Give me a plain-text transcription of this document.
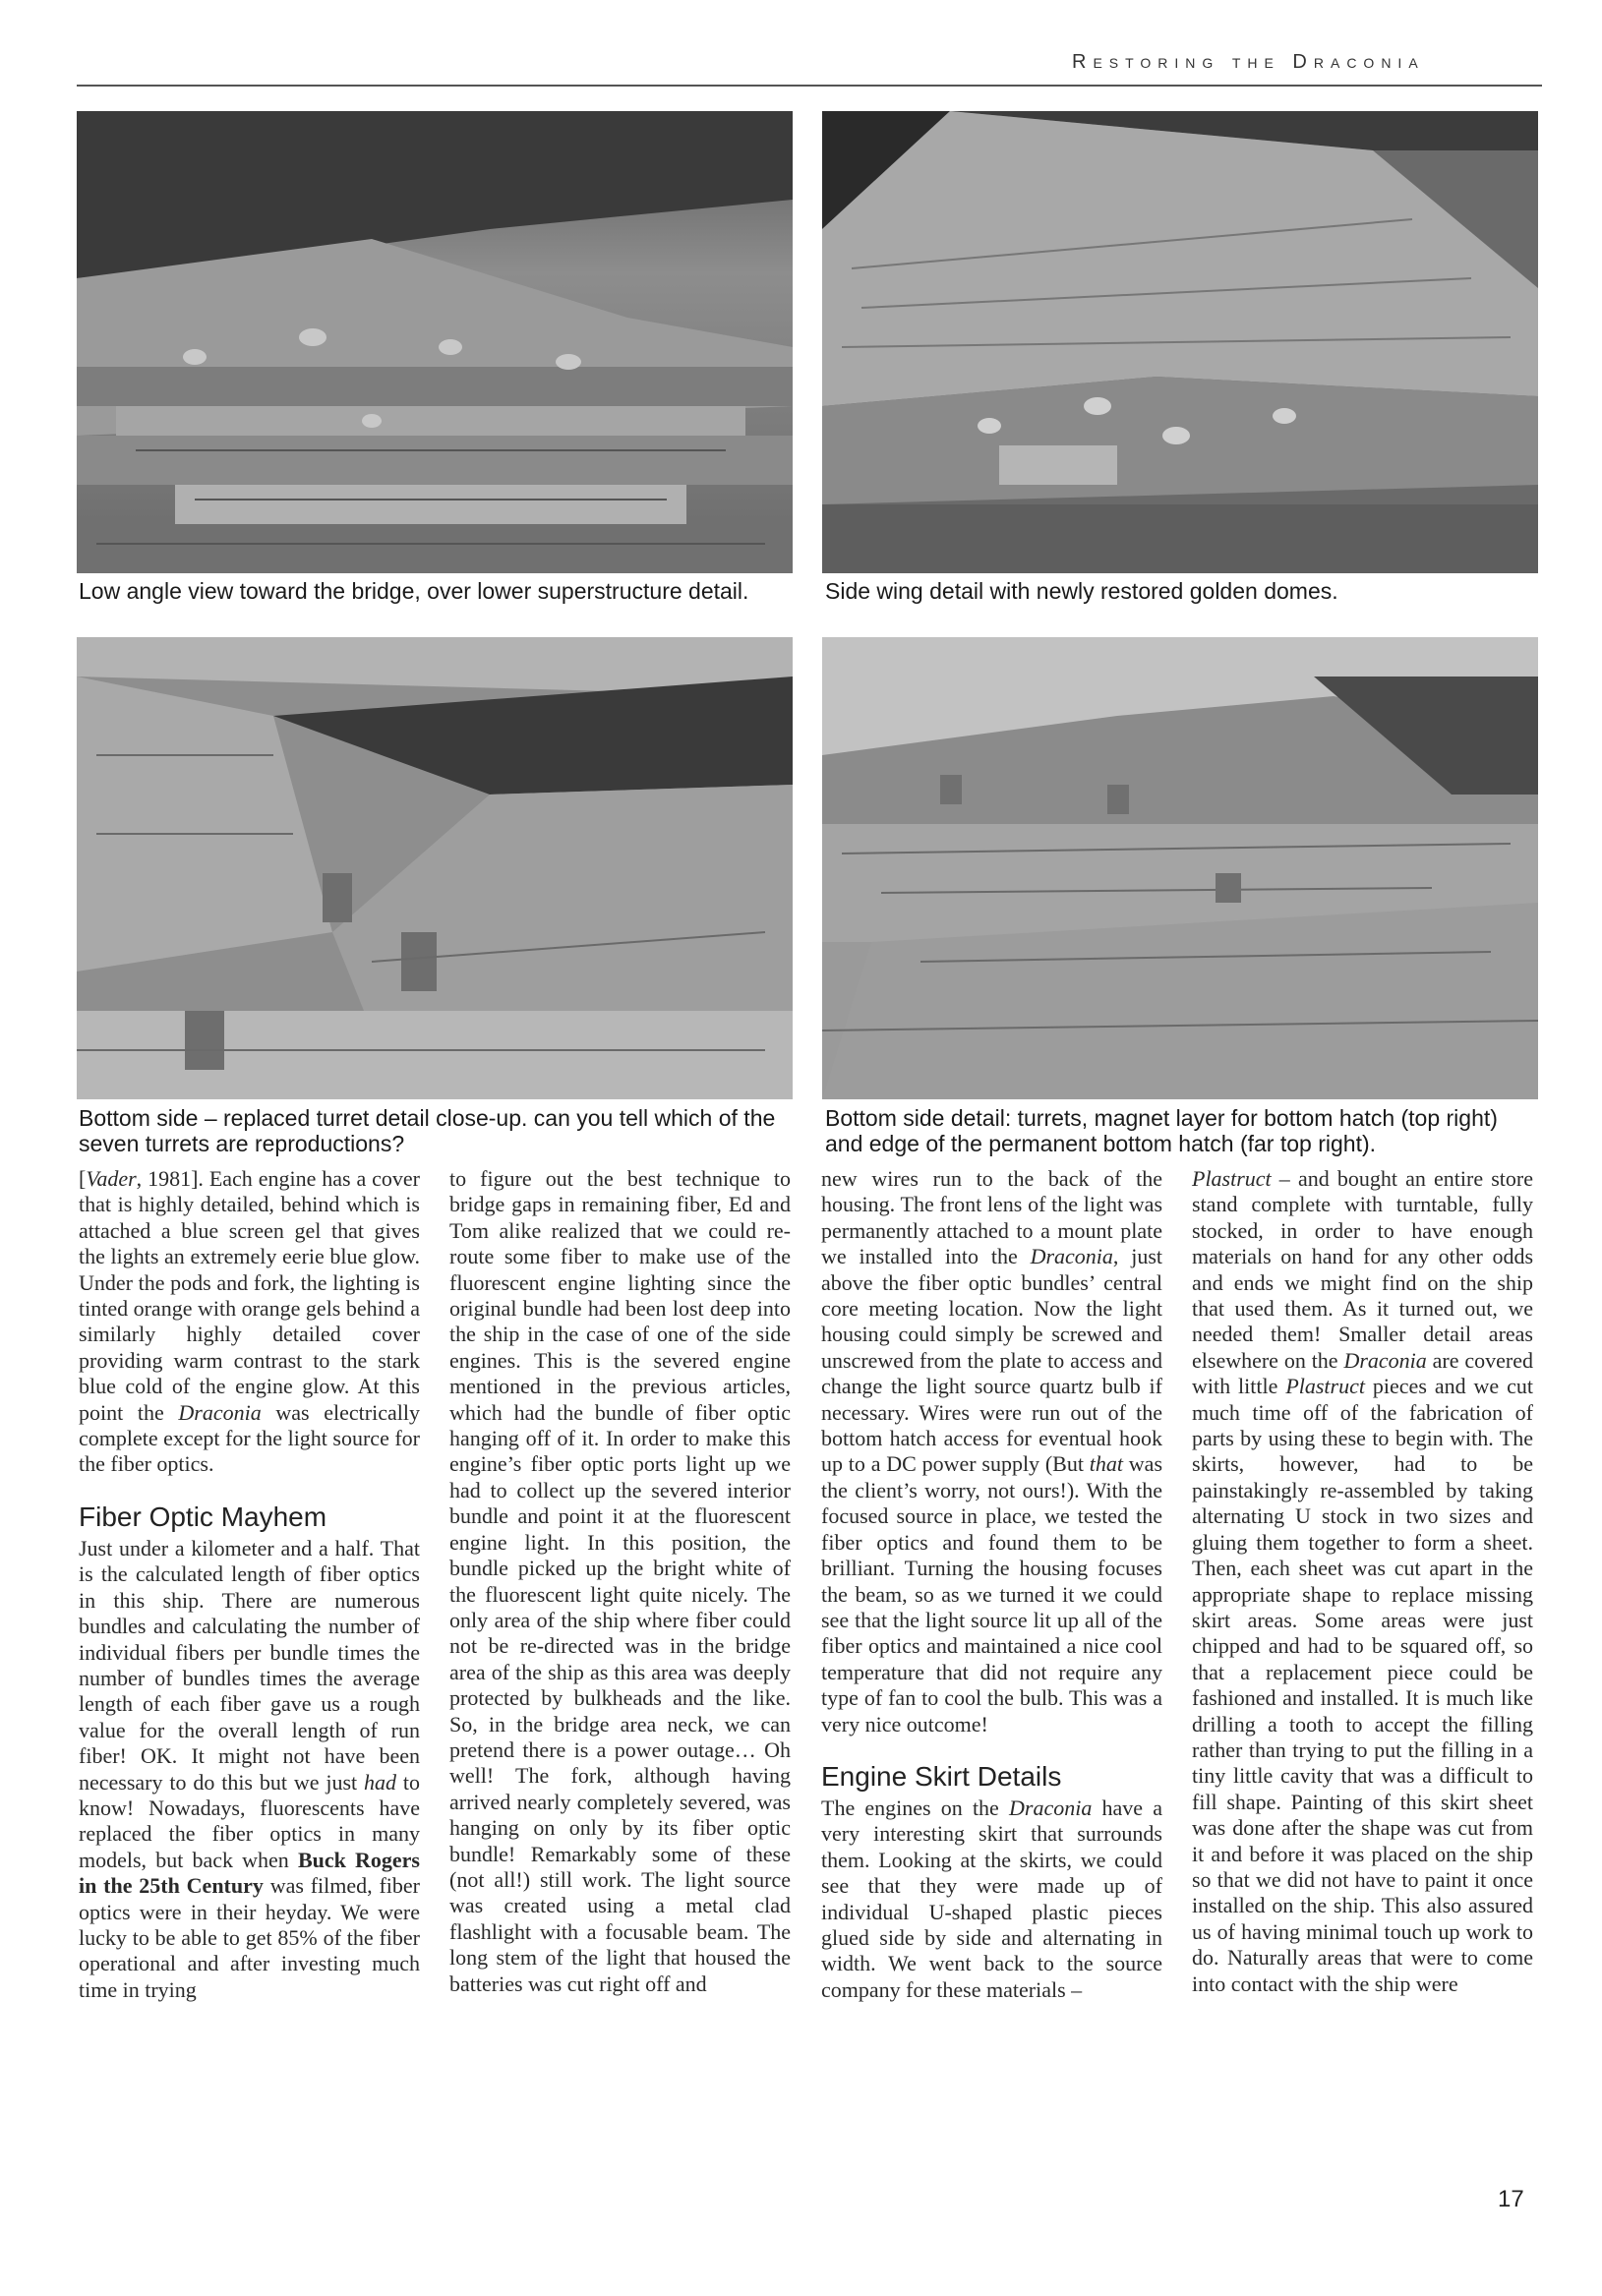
Restoring the Draconia
Low angle view toward the bridge, over lower superstructure detail.	Side wing detail with newly restored golden domes.
Bottom side – replaced turret detail close-up. can you tell which of the seven turrets are reproductions?
Bottom side detail: turrets, magnet layer for bottom hatch (top right) and edge of the permanent bottom hatch (far top right).

[Vader, 1981]. Each engine has a cover that is highly detailed, behind which is attached a blue screen gel that gives the lights an extremely eerie blue glow. Under the pods and fork, the lighting is tinted orange with orange gels behind a similarly highly detailed cover providing warm contrast to the stark blue cold of the engine glow. At this point the Draconia was electrically complete except for the light source for the fiber optics.

Fiber Optic Mayhem

Just under a kilometer and a half. That is the calculated length of fiber optics in this ship. There are numerous bundles and calculating the number of individual fibers per bundle times the number of bundles times the average length of each fiber gave us a rough value for the overall length of run fiber! OK. It might not have been necessary to do this but we just had to know! Nowadays, fluorescents have replaced the fiber optics in many models, but back when Buck Rogers in the 25th Century was filmed, fiber optics were in their heyday. We were lucky to be able to get 85% of the fiber operational and after investing much time in trying

to figure out the best technique to bridge gaps in remaining fiber, Ed and Tom alike realized that we could re-route some fiber to make use of the fluorescent engine lighting since the original bundle had been lost deep into the ship in the case of one of the side engines. This is the severed engine mentioned in the previous articles, which had the bundle of fiber optic hanging off of it. In order to make this engine’s fiber optic ports light up we had to collect up the severed interior bundle and point it at the fluorescent engine light. In this position, the bundle picked up the bright white of the fluorescent light quite nicely. The only area of the ship where fiber could not be re-directed was in the bridge area of the ship as this area was deeply protected by bulkheads and the like. So, in the bridge area neck, we can pretend there is a power outage… Oh well! The fork, although having arrived nearly completely severed, was hanging on only by its fiber optic bundle! Remarkably some of these (not all!) still work. The light source was created using a metal clad flashlight with a focusable beam. The long stem of the light that housed the batteries was cut right off and

new wires run to the back of the housing. The front lens of the light was permanently attached to a mount plate we installed into the Draconia, just above the fiber optic bundles’ central core meeting location. Now the light housing could simply be screwed and unscrewed from the plate to access and change the light source quartz bulb if necessary. Wires were run out of the bottom hatch access for eventual hook up to a DC power supply (But that was the client’s worry, not ours!). With the focused source in place, we tested the fiber optics and found them to be brilliant. Turning the housing focuses the beam, so as we turned it we could see that the light source lit up all of the fiber optics and maintained a nice cool temperature that did not require any type of fan to cool the bulb. This was a very nice outcome!

Engine Skirt Details

The engines on the Draconia have a very interesting skirt that surrounds them. Looking at the skirts, we could see that they were made up of individual U-shaped plastic pieces glued side by side and alternating in width. We went back to the source company for these materials –

Plastruct – and bought an entire store stand complete with turntable, fully stocked, in order to have enough materials on hand for any other odds and ends we might find on the ship that used them. As it turned out, we needed them! Smaller detail areas elsewhere on the Draconia are covered with little Plastruct pieces and we cut much time off of the fabrication of parts by using these to begin with. The skirts, however, had to be painstakingly re-assembled by taking alternating U stock in two sizes and gluing them together to form a sheet. Then, each sheet was cut apart in the appropriate shape to replace missing skirt areas. Some areas were just chipped and had to be squared off, so that a replacement piece could be fashioned and installed. It is much like drilling a tooth to accept the filling rather than trying to put the filling in a tiny little cavity that was a difficult to fill shape. Painting of this skirt sheet was done after the shape was cut from it and before it was placed on the ship so that we did not have to paint it once installed on the ship. This also assured us of having minimal touch up work to do. Naturally areas that were to come into contact with the ship were

17
